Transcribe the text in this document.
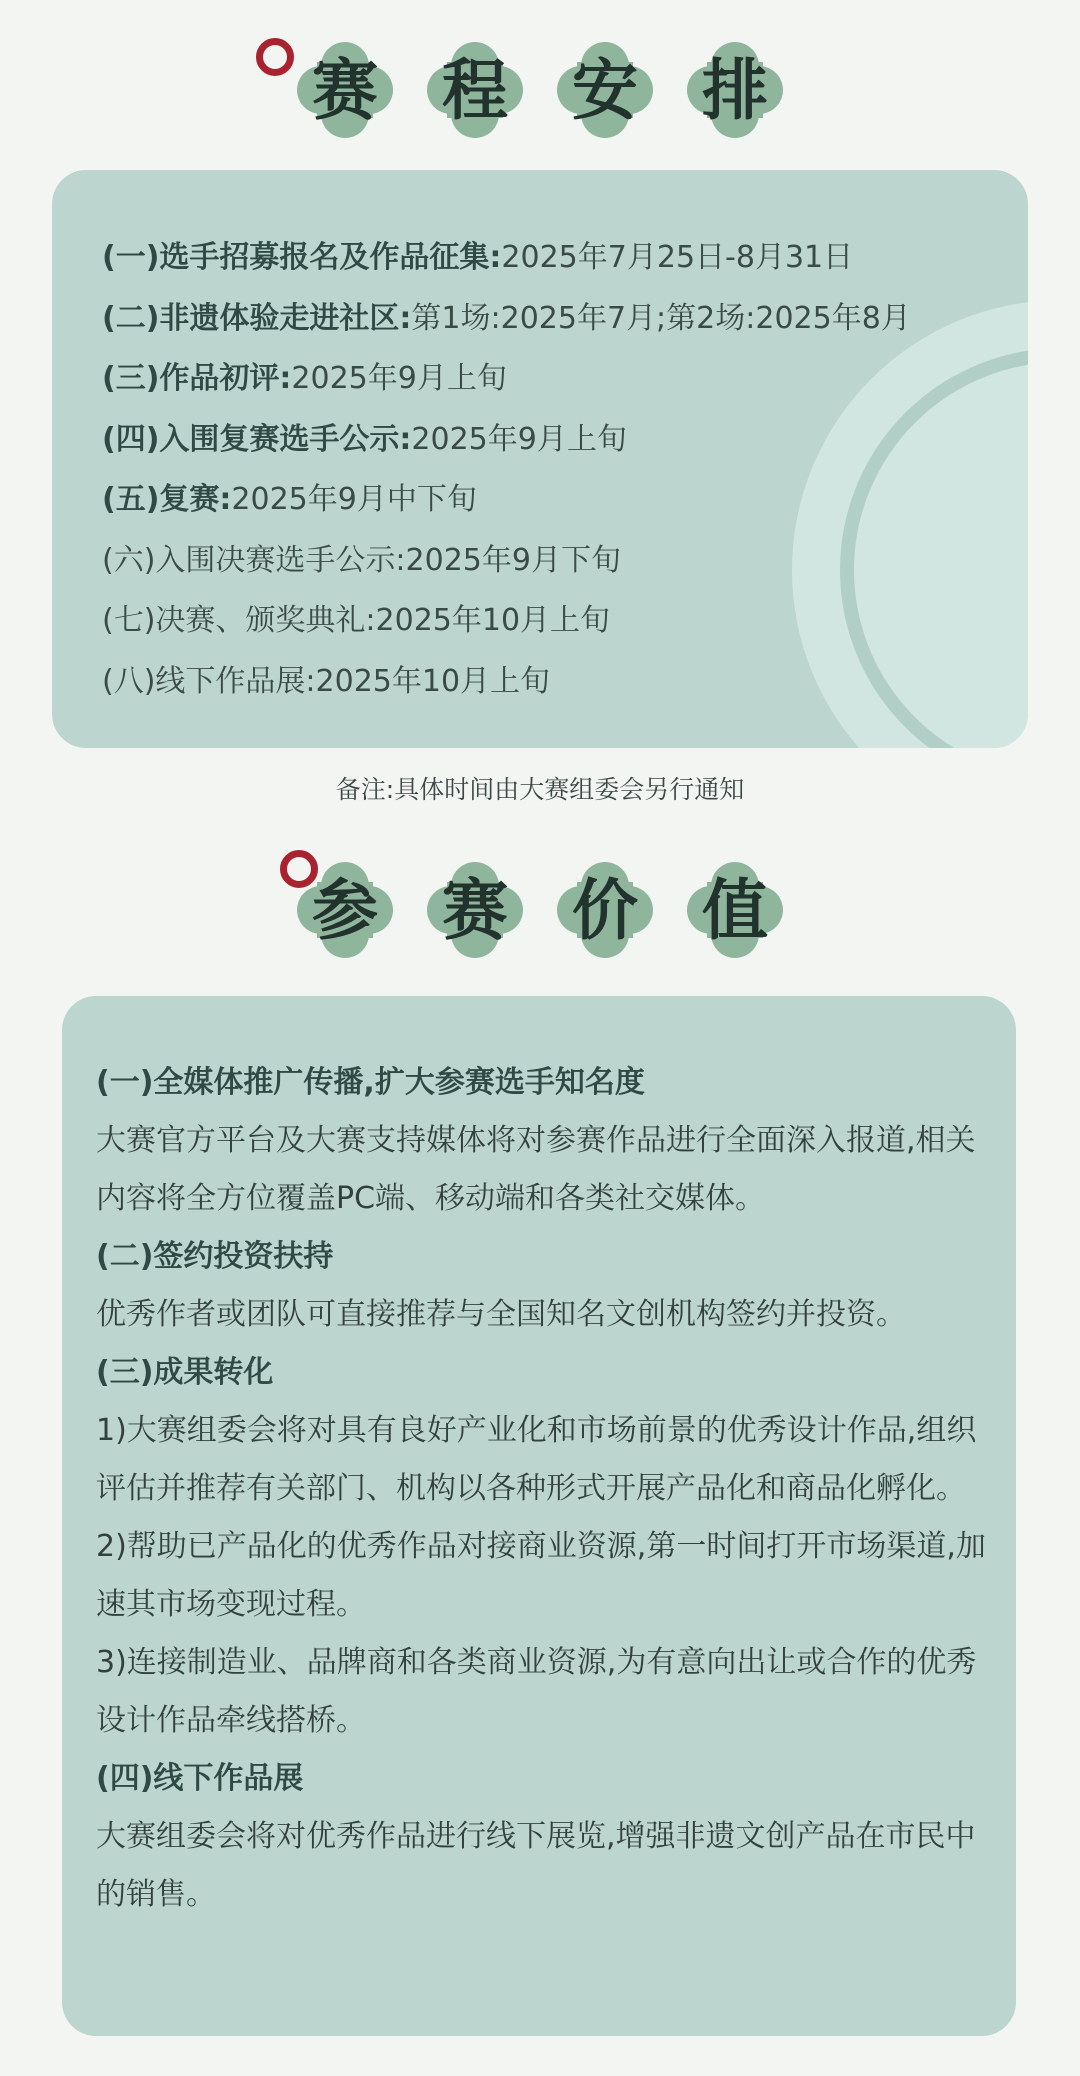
赛 程 安 排
(一)选手招募报名及作品征集:2025年7月25日-8月31日
(二)非遗体验走进社区:第1场:2025年7月;第2场:2025年8月
(三)作品初评:2025年9月上旬
(四)入围复赛选手公示:2025年9月上旬
(五)复赛:2025年9月中下旬
(六)入围决赛选手公示:2025年9月下旬
(七)决赛、颁奖典礼:2025年10月上旬
(八)线下作品展:2025年10月上旬
备注:具体时间由大赛组委会另行通知
参 赛 价 值

(一)全媒体推广传播,扩大参赛选手知名度

大赛官方平台及大赛支持媒体将对参赛作品进行全面深入报道,相关内容将全方位覆盖PC端、移动端和各类社交媒体。

(二)签约投资扶持

优秀作者或团队可直接推荐与全国知名文创机构签约并投资。

(三)成果转化

1)大赛组委会将对具有良好产业化和市场前景的优秀设计作品,组织评估并推荐有关部门、机构以各种形式开展产品化和商品化孵化。

2)帮助已产品化的优秀作品对接商业资源,第一时间打开市场渠道,加速其市场变现过程。

3)连接制造业、品牌商和各类商业资源,为有意向出让或合作的优秀设计作品牵线搭桥。

(四)线下作品展

大赛组委会将对优秀作品进行线下展览,增强非遗文创产品在市民中的销售。
